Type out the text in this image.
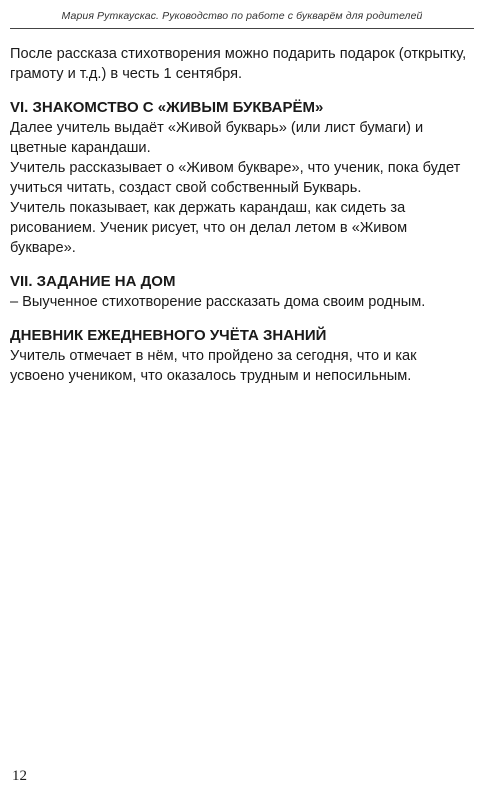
Мария Руткаускас. Руководство по работе с букварём для родителей

После рассказа стихотворения можно подарить подарок (открытку, грамоту и т.д.) в честь 1 сентября.

VI. ЗНАКОМСТВО С «ЖИВЫМ БУКВАРЁМ»

Далее учитель выдаёт «Живой букварь» (или лист бумаги) и цветные карандаши.

Учитель рассказывает о «Живом букваре», что ученик, пока будет учиться читать, создаст свой собственный Букварь.

Учитель показывает, как держать карандаш, как сидеть за рисованием. Ученик рисует, что он делал летом в «Живом букваре».

VII. ЗАДАНИЕ НА ДОМ

– Выученное стихотворение рассказать дома своим родным.

ДНЕВНИК ЕЖЕДНЕВНОГО УЧЁТА ЗНАНИЙ

Учитель отмечает в нём, что пройдено за сегодня, что и как усвоено учеником, что оказалось трудным и непосильным.

12
